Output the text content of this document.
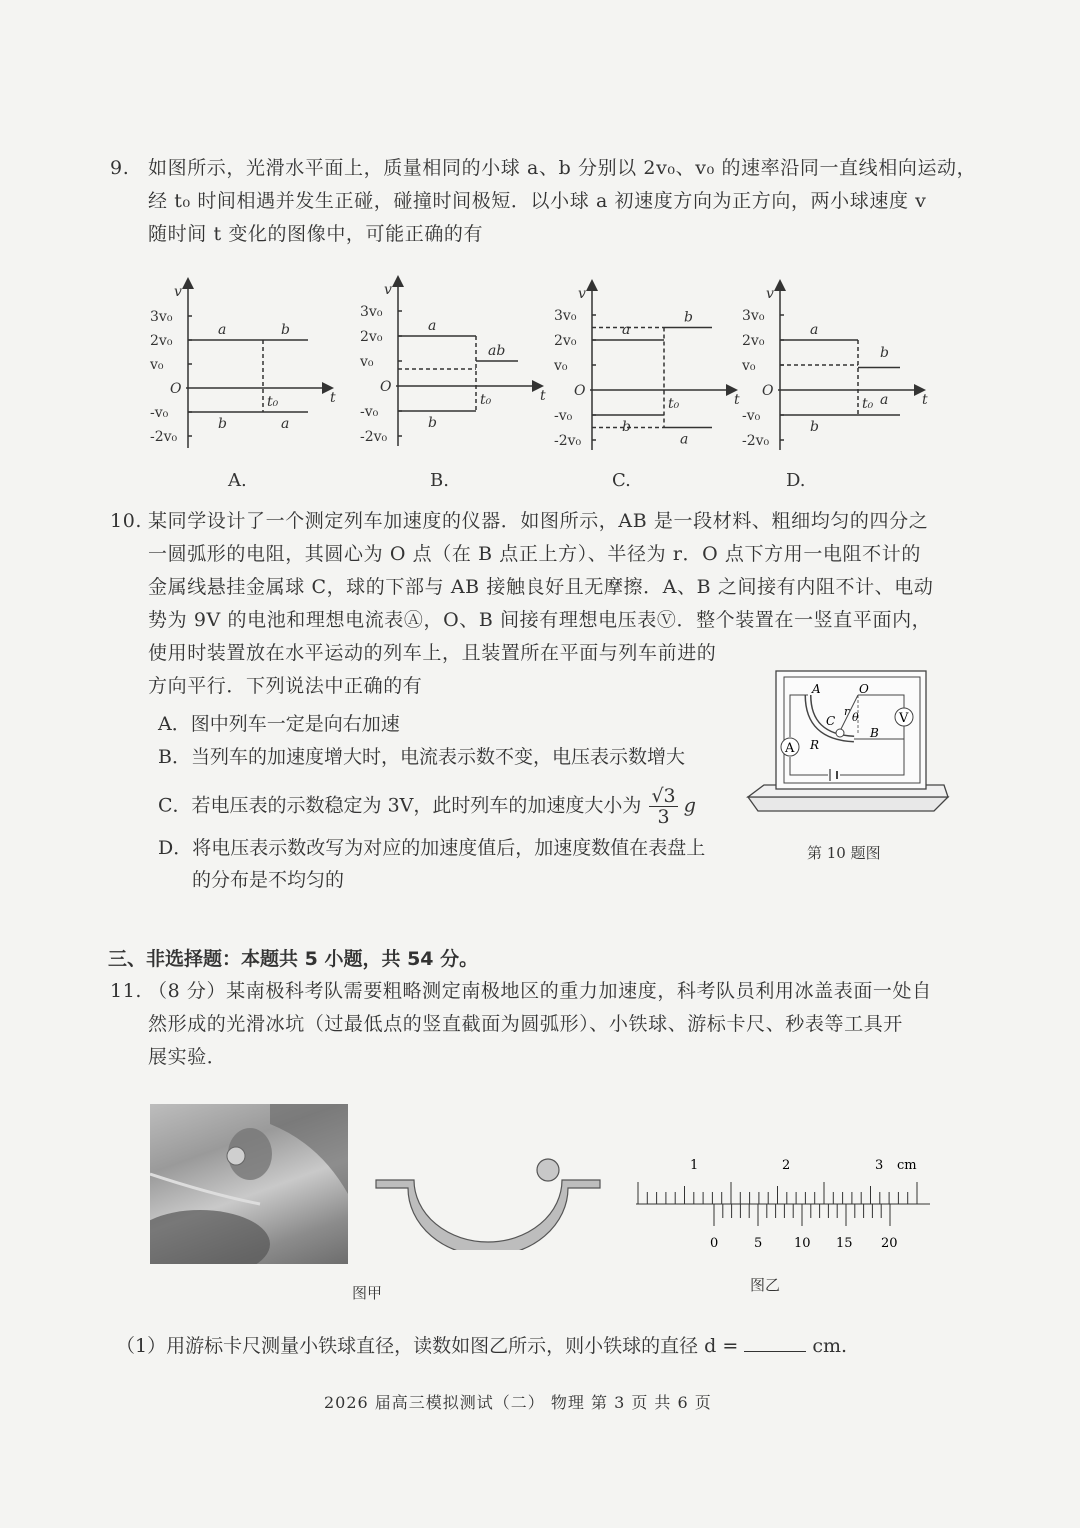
9. 如图所示，光滑水平面上，质量相同的小球 a、b 分别以 2v₀、v₀ 的速率沿同一直线相向运动，
经 t₀ 时间相遇并发生正碰，碰撞时间极短．以小球 a 初速度方向为正方向，两小球速度 v
随时间 t 变化的图像中，可能正确的有
v
t
O
3v₀
2v₀
v₀
-v₀
-2v₀
t₀
a
b
b
a
v
t
O
3v₀
2v₀
v₀
-v₀
-2v₀
t₀
a
b
ab
v
t
O
3v₀
2v₀
v₀
-v₀
-2v₀
t₀
a
b
b
a
v
t
O
3v₀
2v₀
v₀
-v₀
-2v₀
t₀
a
b
b
a
A.	B.	C.	D.
10. 某同学设计了一个测定列车加速度的仪器．如图所示，AB 是一段材料、粗细均匀的四分之
一圆弧形的电阻，其圆心为 O 点（在 B 点正上方）、半径为 r．O 点下方用一电阻不计的
金属线悬挂金属球 C，球的下部与 AB 接触良好且无摩擦．A、B 之间接有内阻不计、电动
势为 9V 的电池和理想电流表Ⓐ，O、B 间接有理想电压表Ⓥ．整个装置在一竖直平面内，
使用时装置放在水平运动的列车上，且装置所在平面与列车前进的
方向平行．下列说法中正确的有
A．图中列车一定是向右加速
B．当列车的加速度增大时，电流表示数不变，电压表示数增大
C．若电压表的示数稳定为 3V，此时列车的加速度大小为 $\frac{√3}{3}$ g
D．将电压表示数改写为对应的加速度值后，加速度数值在表盘上
的分布是不均匀的
A
V
A	O
C
r θ
B
R
第 10 题图
三、非选择题：本题共 5 小题，共 54 分。
11. （8 分）某南极科考队需要粗略测定南极地区的重力加速度，科考队员利用冰盖表面一处自
然形成的光滑冰坑（过最低点的竖直截面为圆弧形）、小铁球、游标卡尺、秒表等工具开
展实验．
图甲
1	2	3 cm
0	5 10 15 20
图乙
（1）用游标卡尺测量小铁球直径，读数如图乙所示，则小铁球的直径 d =	cm.
2026 届高三模拟测试（二） 物理 第 3 页 共 6 页
